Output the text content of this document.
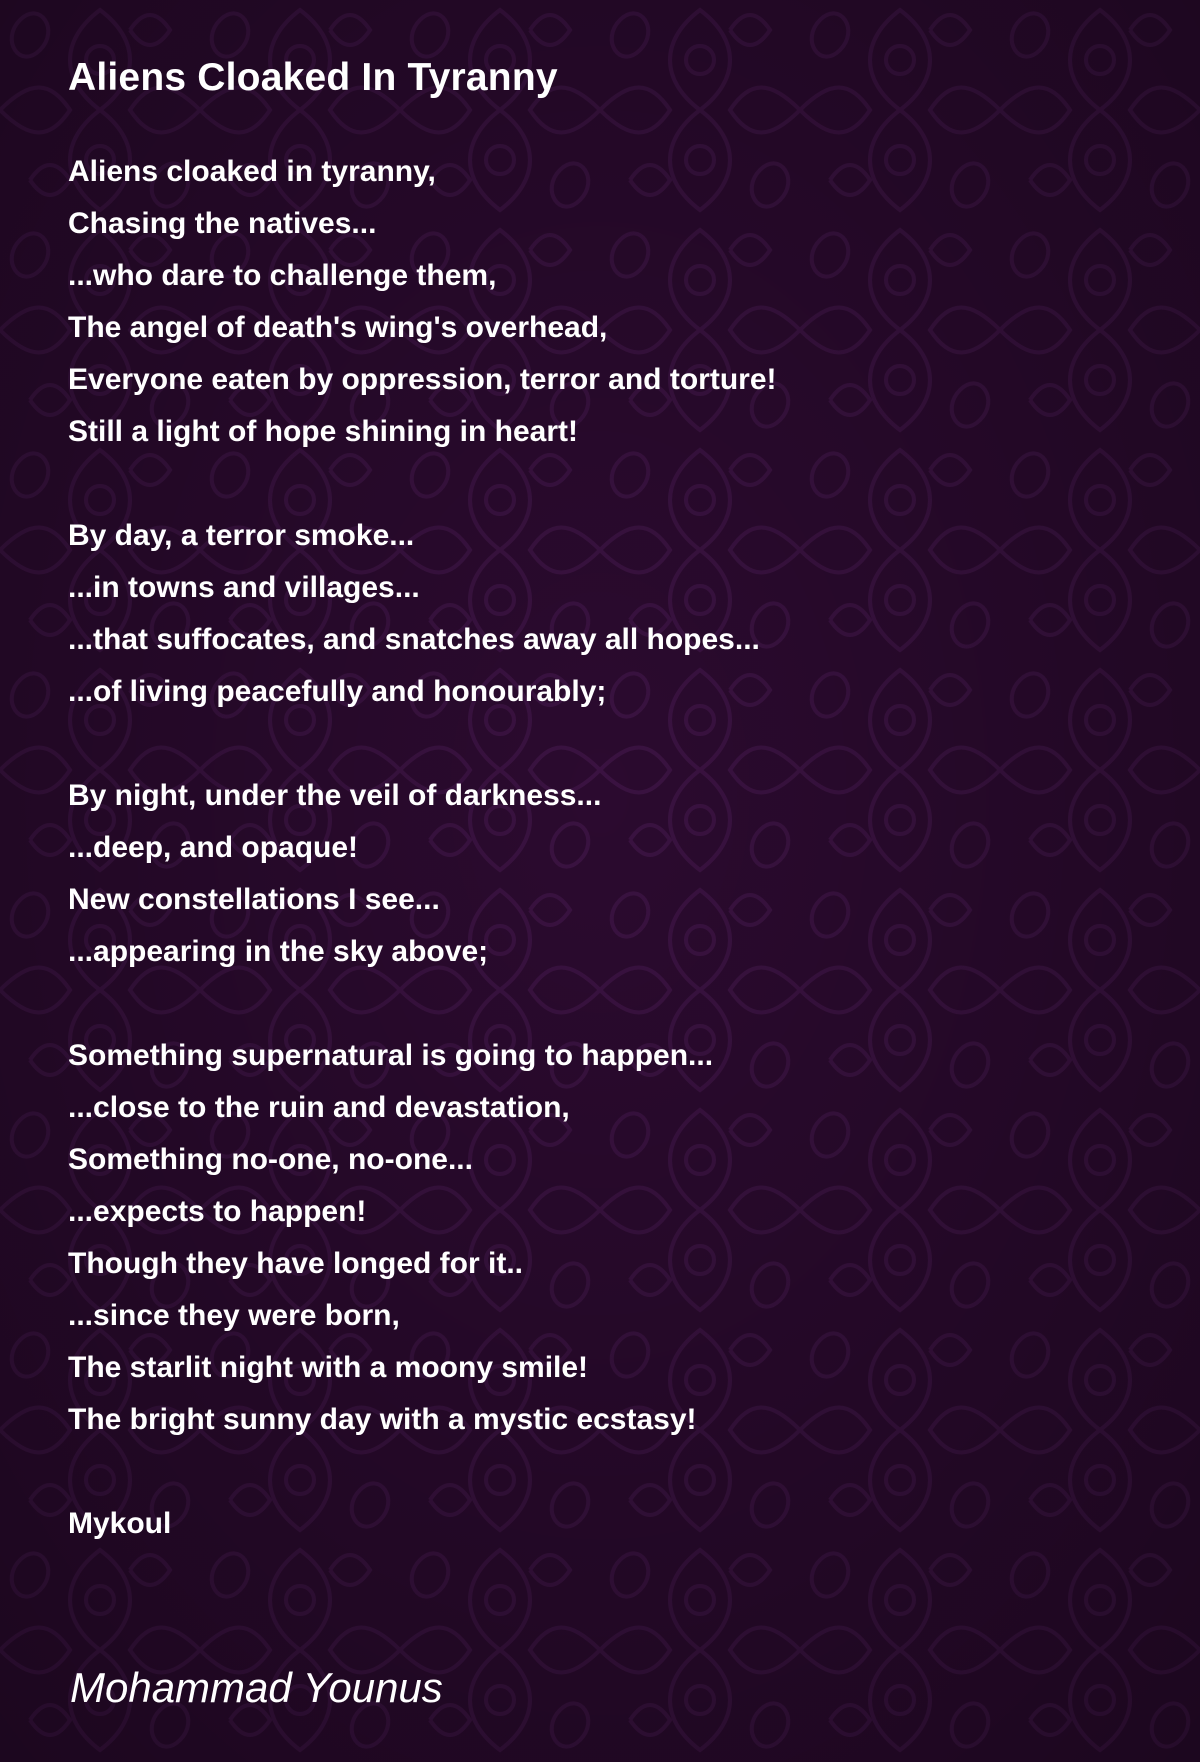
Aliens Cloaked In Tyranny
Aliens cloaked in tyranny,
Chasing the natives...
...who dare to challenge them,
The angel of death's wing's overhead,
Everyone eaten by oppression, terror and torture!
Still a light of hope shining in heart!
By day, a terror smoke...
...in towns and villages...
...that suffocates, and snatches away all hopes...
...of living peacefully and honourably;
By night, under the veil of darkness...
...deep, and opaque!
New constellations I see...
...appearing in the sky above;
Something supernatural is going to happen...
...close to the ruin and devastation,
Something no-one, no-one...
...expects to happen!
Though they have longed for it..
...since they were born,
The starlit night with a moony smile!
The bright sunny day with a mystic ecstasy!
Mykoul
Mohammad Younus
